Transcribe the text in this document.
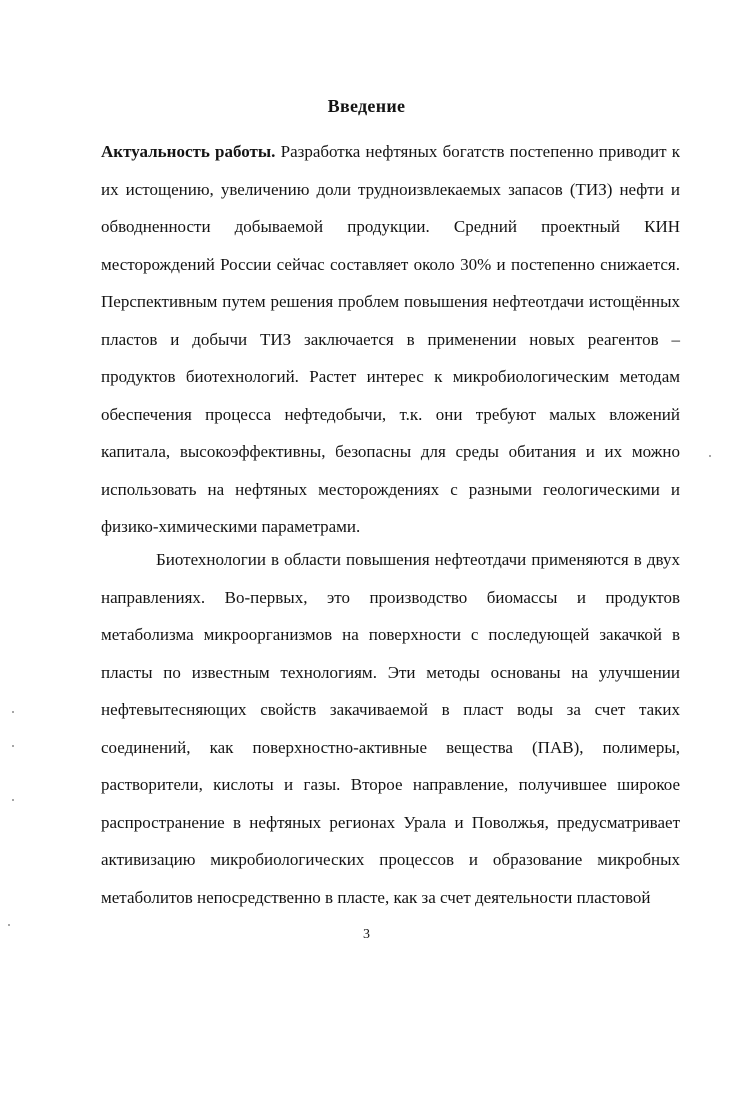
Введение
Актуальность работы. Разработка нефтяных богатств постепенно приводит к их истощению, увеличению доли трудноизвлекаемых запасов (ТИЗ) нефти и обводненности добываемой продукции. Средний проектный КИН месторождений России сейчас составляет около 30% и постепенно снижается. Перспективным путем решения проблем повышения нефтеотдачи истощённых пластов и добычи ТИЗ заключается в применении новых реагентов – продуктов биотехнологий. Растет интерес к микробиологическим методам обеспечения процесса нефтедобычи, т.к. они требуют малых вложений капитала, высокоэффективны, безопасны для среды обитания и их можно использовать на нефтяных месторождениях с разными геологическими и физико-химическими параметрами.
Биотехнологии в области повышения нефтеотдачи применяются в двух направлениях. Во-первых, это производство биомассы и продуктов метаболизма микроорганизмов на поверхности с последующей закачкой в пласты по известным технологиям. Эти методы основаны на улучшении нефтевытесняющих свойств закачиваемой в пласт воды за счет таких соединений, как поверхностно-активные вещества (ПАВ), полимеры, растворители, кислоты и газы. Второе направление, получившее широкое распространение в нефтяных регионах Урала и Поволжья, предусматривает активизацию микробиологических процессов и образование микробных метаболитов непосредственно в пласте, как за счет деятельности пластовой
3
